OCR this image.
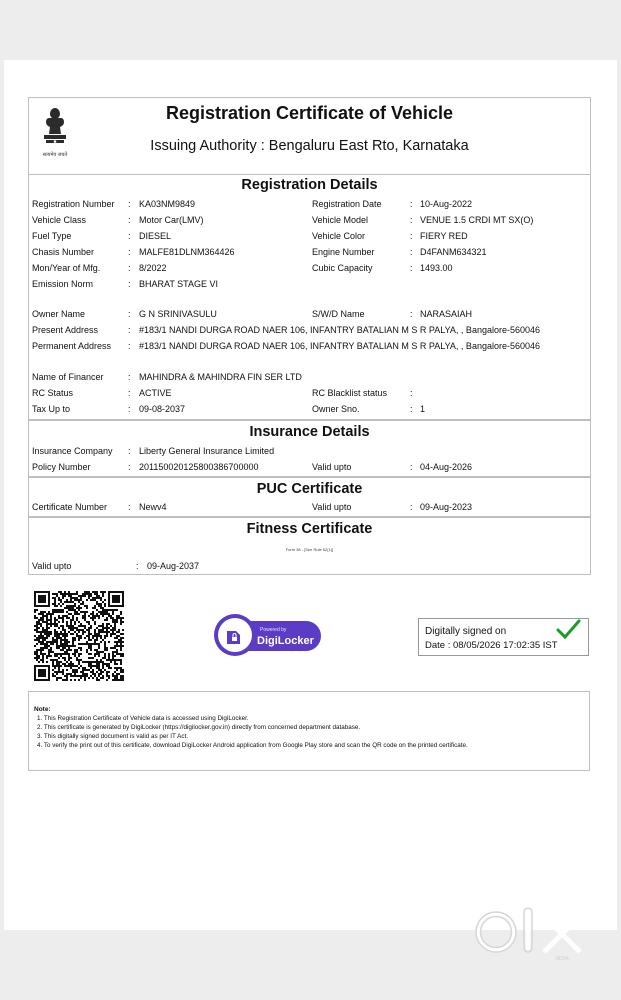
सत्यमेव जयते
Registration Certificate of Vehicle
Issuing Authority : Bengaluru East Rto, Karnataka
Registration Details
Registration Number : KA03NM9849	Registration Date	: 10-Aug-2022
Vehicle Class	: Motor Car(LMV)	Vehicle Model	: VENUE 1.5 CRDI MT SX(O)
Fuel Type	: DIESEL	Vehicle Color	: FIERY RED
Chasis Number	: MALFE81DLNM364426	Engine Number	: D4FANM634321
Mon/Year of Mfg.	: 8/2022	Cubic Capacity	: 1493.00
Emission Norm	: BHARAT STAGE VI
Owner Name	: G N SRINIVASULU	S/W/D Name	: NARASAIAH
Present Address	: #183/1 NANDI DURGA ROAD NAER 106, INFANTRY BATALIAN M S R PALYA, , Bangalore-560046
Permanent Address : #183/1 NANDI DURGA ROAD NAER 106, INFANTRY BATALIAN M S R PALYA, , Bangalore-560046
Name of Financer	: MAHINDRA & MAHINDRA FIN SER LTD
RC Status	: ACTIVE	RC Blacklist status	:
Tax Up to	: 09-08-2037	Owner Sno.	: 1
Insurance Details
Insurance Company : Liberty General Insurance Limited
Policy Number	: 201150020125800386700000	Valid upto	: 04-Aug-2026
PUC Certificate
Certificate Number : Newv4	Valid upto	: 09-Aug-2023
Fitness Certificate
Form 38 - [See Rule 62(1)]
Valid upto	: 09-Aug-2037
Powered by
DigiLocker
Digitally signed on
Date : 08/05/2026 17:02:35 IST
Note:
1. This Registration Certificate of Vehicle data is accessed using DigiLocker.
2. This certificate is generated by DigiLocker (https://digilocker.gov.in) directly from concerned department database.
3. This digitally signed document is valid as per IT Act.
4. To verify the print out of this certificate, download DigiLocker Android application from Google Play store and scan the QR code on the printed certificate.
INDIA
